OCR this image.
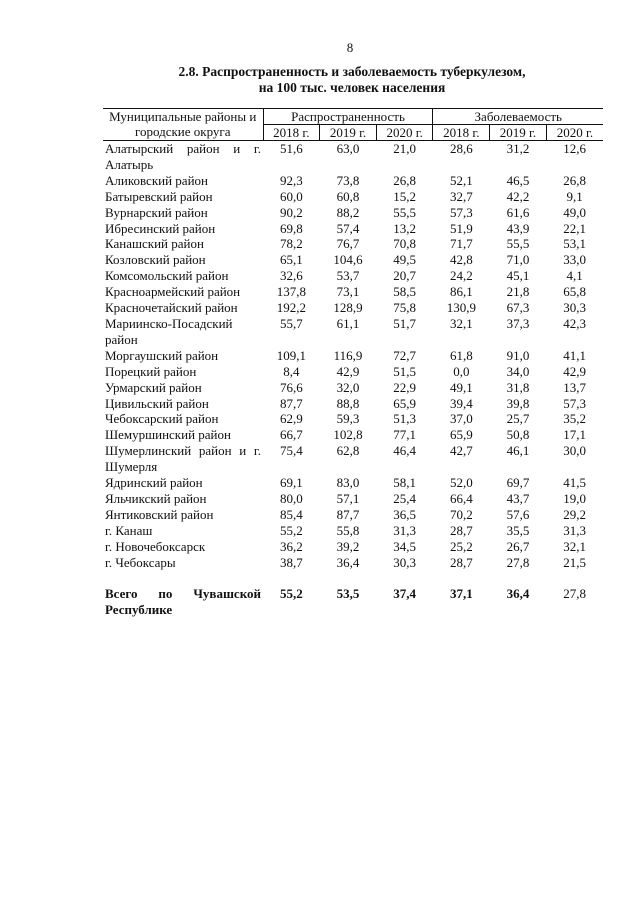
8
2.8. Распространенность и заболеваемость туберкулезом,
на 100 тыс. человек населения
Муниципальные районы и городские округа	Распространенность			Заболеваемость		
	2018 г.	2019 г.	2020 г.	2018 г.	2019 г.	2020 г.
Алатырский район и г. Алатырь	51,6	63,0	21,0	28,6	31,2	12,6
Аликовский район	92,3	73,8	26,8	52,1	46,5	26,8
Батыревский район	60,0	60,8	15,2	32,7	42,2	9,1
Вурнарский район	90,2	88,2	55,5	57,3	61,6	49,0
Ибресинский район	69,8	57,4	13,2	51,9	43,9	22,1
Канашский район	78,2	76,7	70,8	71,7	55,5	53,1
Козловский район	65,1	104,6	49,5	42,8	71,0	33,0
Комсомольский район	32,6	53,7	20,7	24,2	45,1	4,1
Красноармейский район	137,8	73,1	58,5	86,1	21,8	65,8
Красночетайский район	192,2	128,9	75,8	130,9	67,3	30,3
Мариинско-Посадский район	55,7	61,1	51,7	32,1	37,3	42,3
Моргаушский район	109,1	116,9	72,7	61,8	91,0	41,1
Порецкий район	8,4	42,9	51,5	0,0	34,0	42,9
Урмарский район	76,6	32,0	22,9	49,1	31,8	13,7
Цивильский район	87,7	88,8	65,9	39,4	39,8	57,3
Чебоксарский район	62,9	59,3	51,3	37,0	25,7	35,2
Шемуршинский район	66,7	102,8	77,1	65,9	50,8	17,1
Шумерлинский район и г. Шумерля	75,4	62,8	46,4	42,7	46,1	30,0
Ядринский район	69,1	83,0	58,1	52,0	69,7	41,5
Яльчикский район	80,0	57,1	25,4	66,4	43,7	19,0
Янтиковский район	85,4	87,7	36,5	70,2	57,6	29,2
г. Канаш	55,2	55,8	31,3	28,7	35,5	31,3
г. Новочебоксарск	36,2	39,2	34,5	25,2	26,7	32,1
г. Чебоксары	38,7	36,4	30,3	28,7	27,8	21,5
Всего по Чувашской Республике	55,2	53,5	37,4	37,1	36,4	27,8
